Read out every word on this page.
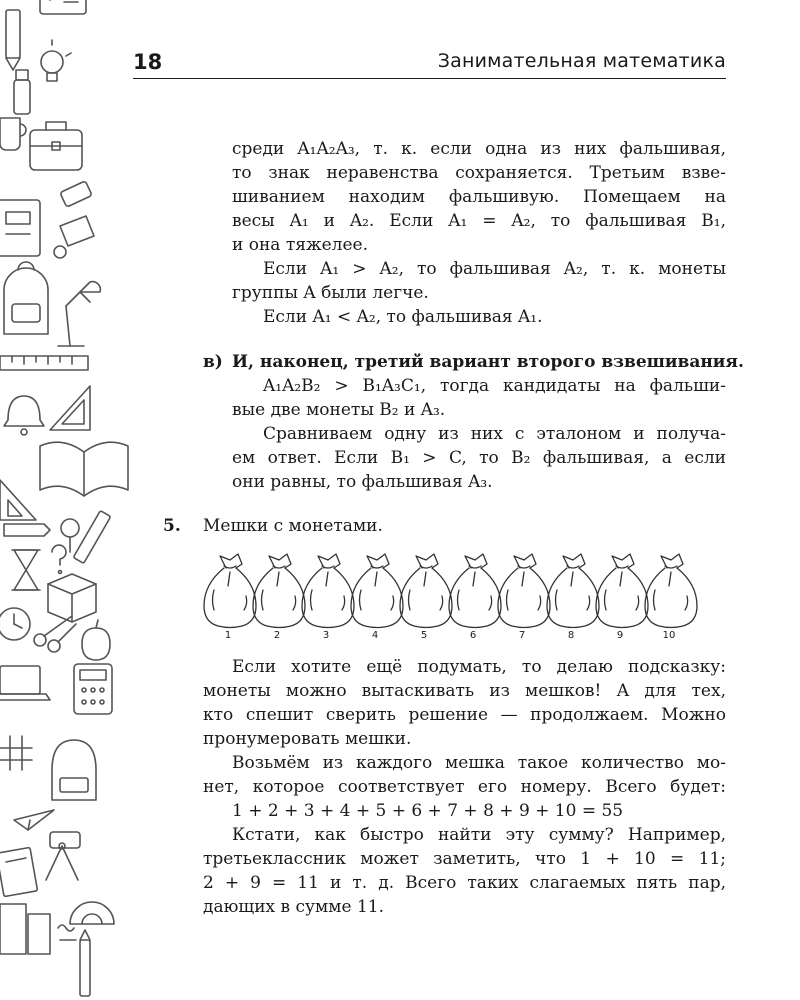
18	Занимательная математика
среди A₁A₂A₃, т. к. если одна из них фальшивая,
то знак неравенства сохраняется. Третьим взве-
шиванием находим фальшивую. Помещаем на
весы A₁ и A₂. Если A₁ = A₂, то фальшивая B₁,
и она тяжелее.
Если A₁ > A₂, то фальшивая A₂, т. к. монеты
группы A были легче.
Если A₁ < A₂, то фальшивая A₁.
в) И, наконец, третий вариант второго взвешивания.
A₁A₂B₂ > B₁A₃C₁, тогда кандидаты на фальши-
вые две монеты B₂ и A₃.
Сравниваем одну из них с эталоном и получа-
ем ответ. Если B₁ > C, то B₂ фальшивая, а если
они равны, то фальшивая A₃.
5. Мешки с монетами.
1	2	3	4	5	6	7	8	9	10
Если хотите ещё подумать, то делаю подсказку:
монеты можно вытаскивать из мешков! А для тех,
кто спешит сверить решение — продолжаем. Можно
пронумеровать мешки.
Возьмём из каждого мешка такое количество мо-
нет, которое соответствует его номеру. Всего будет:
1 + 2 + 3 + 4 + 5 + 6 + 7 + 8 + 9 + 10 = 55
Кстати, как быстро найти эту сумму? Например,
третьеклассник может заметить, что 1 + 10 = 11;
2 + 9 = 11 и т. д. Всего таких слагаемых пять пар,
дающих в сумме 11.
